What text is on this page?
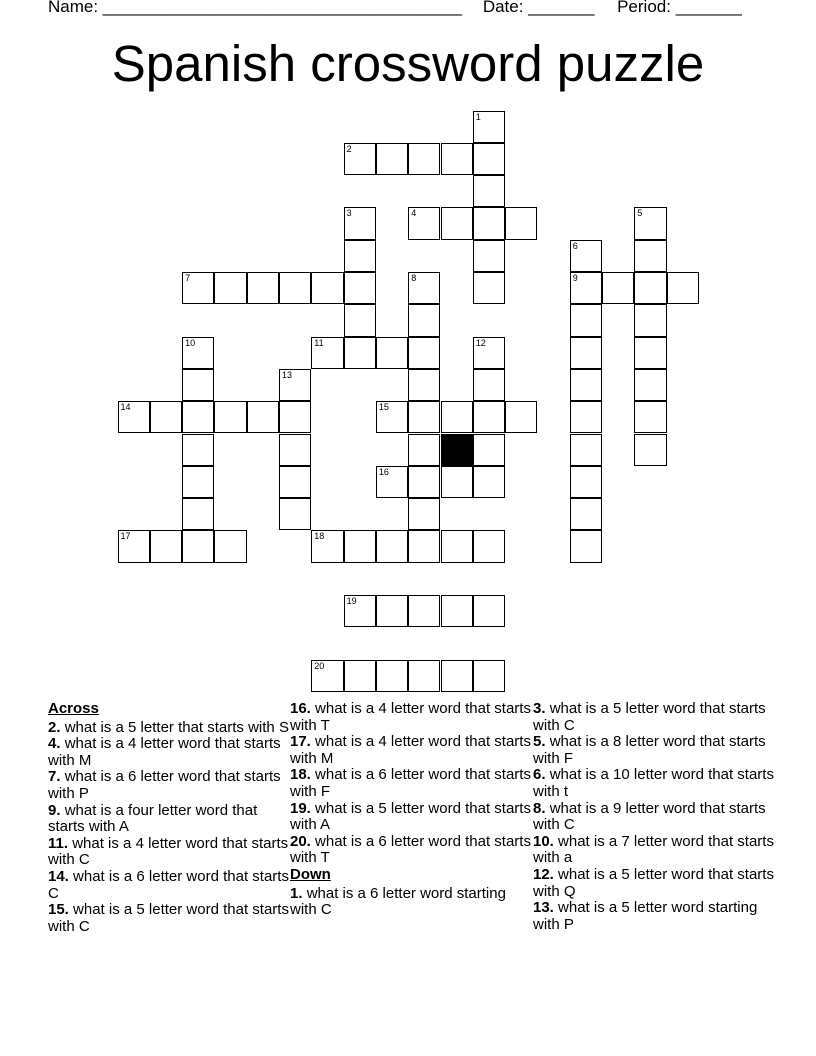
Name: ______________________________________ Date: _______ Period: _______
Spanish crossword puzzle
2
4
7	9
11
14	15
16
17	18
19
20
1
3	5
6
8
10	12
13
Across
2. what is a 5 letter that starts with S
4. what is a 4 letter word that starts with M
7. what is a 6 letter word that starts with P
9. what is a four letter word that starts with A
11. what is a 4 letter word that starts with C
14. what is a 6 letter word that starts C
15. what is a 5 letter word that starts with C
16. what is a 4 letter word that starts with T
17. what is a 4 letter word that starts with M
18. what is a 6 letter word that starts with F
19. what is a 5 letter word that starts with A
20. what is a 6 letter word that starts with T
Down
1. what is a 6 letter word starting with C
3. what is a 5 letter word that starts with C
5. what is a 8 letter word that starts with F
6. what is a 10 letter word that starts with t
8. what is a 9 letter word that starts with C
10. what is a 7 letter word that starts with a
12. what is a 5 letter word that starts with Q
13. what is a 5 letter word starting with P
